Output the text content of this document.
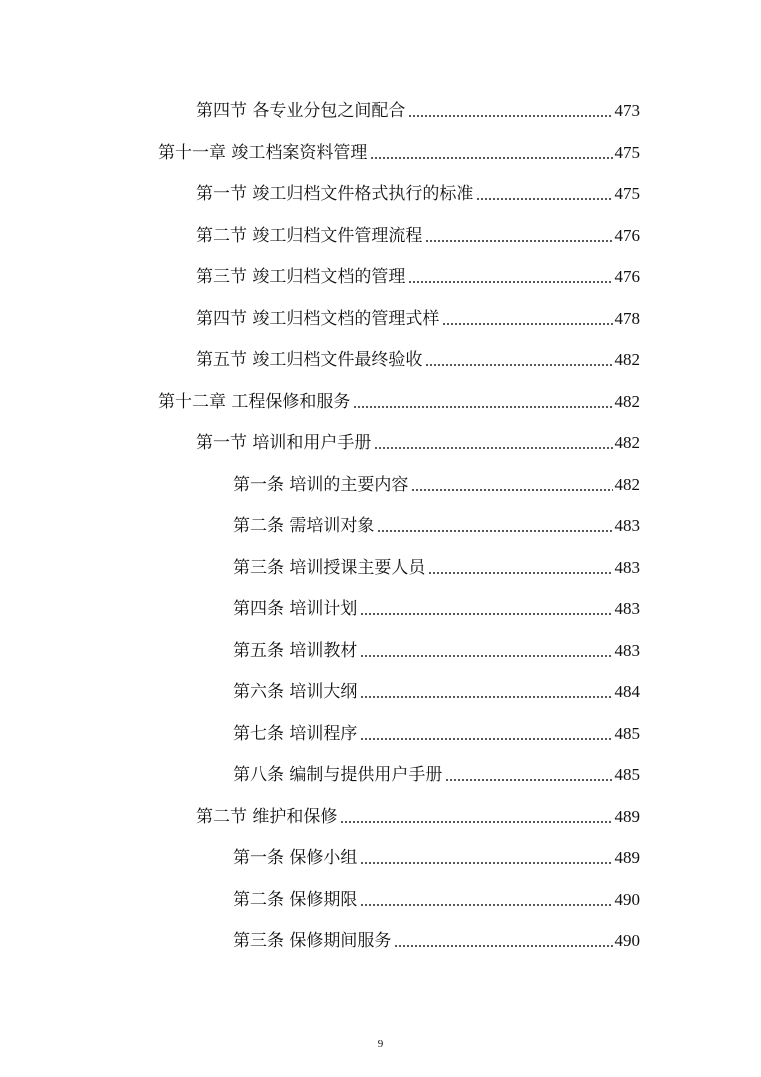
第四节 各专业分包之间配合	473
第十一章 竣工档案资料管理	475
第一节 竣工归档文件格式执行的标准	475
第二节 竣工归档文件管理流程	476
第三节 竣工归档文档的管理	476
第四节 竣工归档文档的管理式样	478
第五节 竣工归档文件最终验收	482
第十二章 工程保修和服务	482
第一节 培训和用户手册	482
第一条 培训的主要内容	482
第二条 需培训对象	483
第三条 培训授课主要人员	483
第四条 培训计划	483
第五条 培训教材	483
第六条 培训大纲	484
第七条 培训程序	485
第八条 编制与提供用户手册	485
第二节 维护和保修	489
第一条 保修小组	489
第二条 保修期限	490
第三条 保修期间服务	490
9
